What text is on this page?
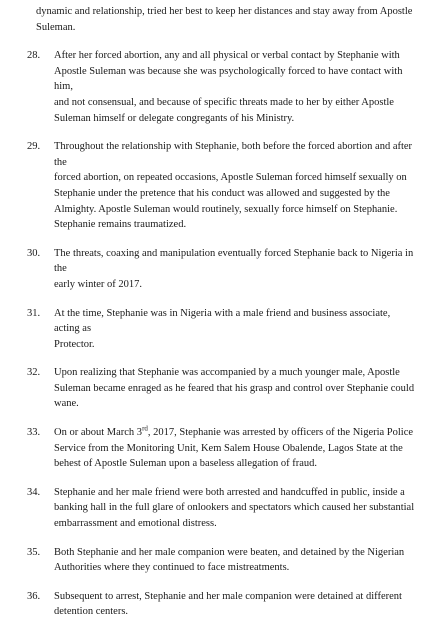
dynamic and relationship, tried her best to keep her distances and stay away from Apostle
Suleman.
28.	After her forced abortion, any and all physical or verbal contact by Stephanie with
Apostle Suleman was because she was psychologically forced to have contact with him,
and not consensual, and because of specific threats made to her by either Apostle
Suleman himself or delegate congregants of his Ministry.
29.	Throughout the relationship with Stephanie, both before the forced abortion and after the
forced abortion, on repeated occasions, Apostle Suleman forced himself sexually on
Stephanie under the pretence that his conduct was allowed and suggested by the
Almighty. Apostle Suleman would routinely, sexually force himself on Stephanie.
Stephanie remains traumatized.
30.	The threats, coaxing and manipulation eventually forced Stephanie back to Nigeria in the
early winter of 2017.
31.	At the time, Stephanie was in Nigeria with a male friend and business associate, acting as
Protector.
32.	Upon realizing that Stephanie was accompanied by a much younger male, Apostle
Suleman became enraged as he feared that his grasp and control over Stephanie could
wane.
33.	On or about March 3rd, 2017, Stephanie was arrested by officers of the Nigeria Police
Service from the Monitoring Unit, Kem Salem House Obalende, Lagos State at the
behest of Apostle Suleman upon a baseless allegation of fraud.
34.	Stephanie and her male friend were both arrested and handcuffed in public, inside a
banking hall in the full glare of onlookers and spectators which caused her substantial
embarrassment and emotional distress.
35.	Both Stephanie and her male companion were beaten, and detained by the Nigerian
Authorities where they continued to face mistreatments.
36.	Subsequent to arrest, Stephanie and her male companion were detained at different
detention centers.
